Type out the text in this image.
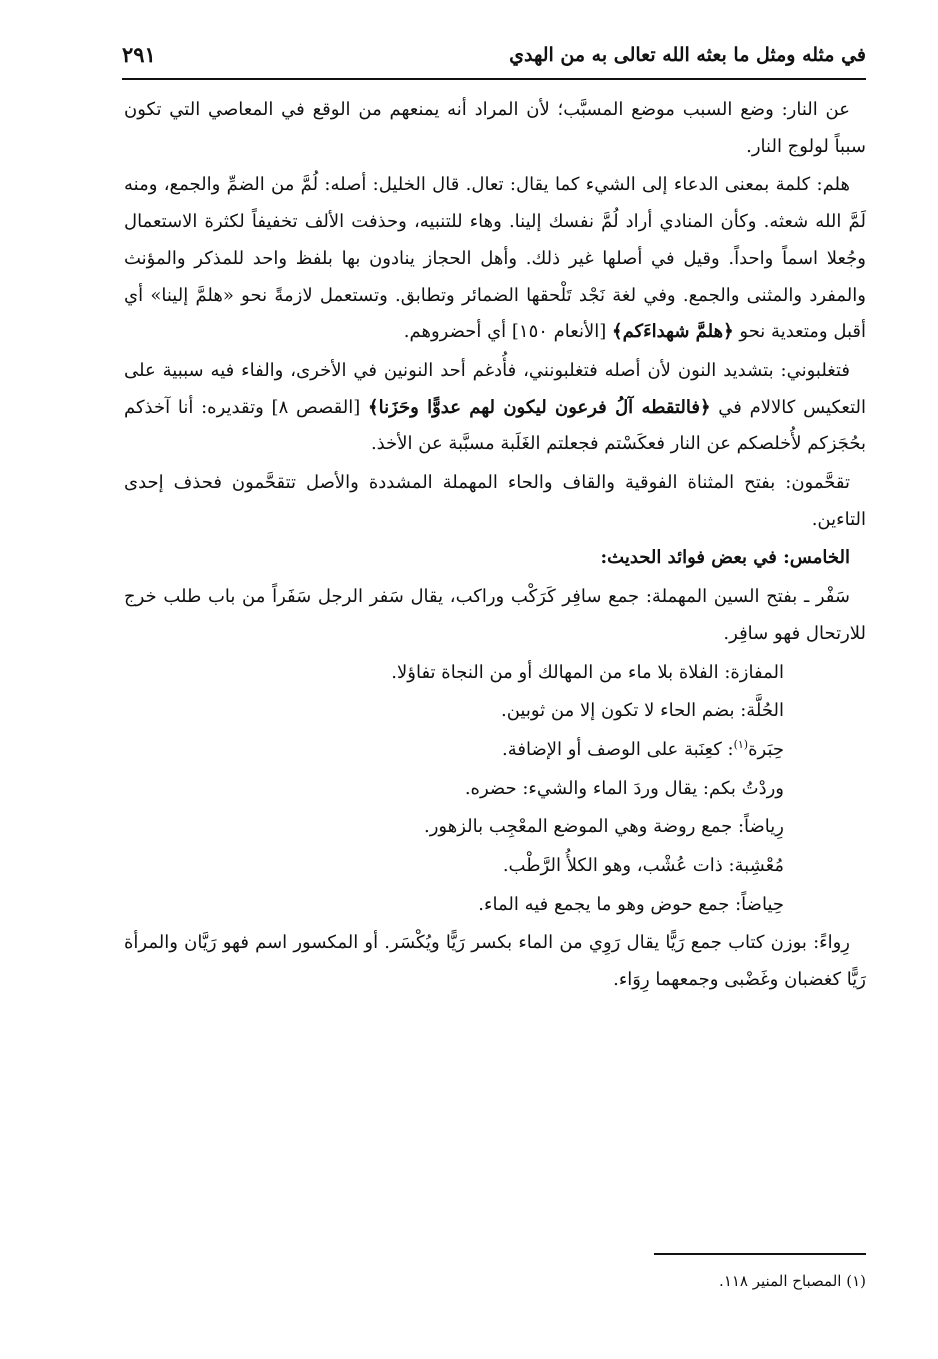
في مثله ومثل ما بعثه الله تعالى به من الهدي
٢٩١

عن النار: وضع السبب موضع المسبَّب؛ لأن المراد أنه يمنعهم من الوقع في المعاصي التي تكون سبباً لولوج النار.

هلم: كلمة بمعنى الدعاء إلى الشيء كما يقال: تعال. قال الخليل: أصله: لُمَّ من الضمِّ والجمع، ومنه لَمَّ الله شعثه. وكأن المنادي أراد لُمَّ نفسك إلينا. وهاء للتنبيه، وحذفت الألف تخفيفاً لكثرة الاستعمال وجُعلا اسماً واحداً. وقيل في أصلها غير ذلك. وأهل الحجاز ينادون بها بلفظ واحد للمذكر والمؤنث والمفرد والمثنى والجمع. وفي لغة نَجْد تَلْحقها الضمائر وتطابق. وتستعمل لازمةً نحو «هلمَّ إلينا» أي أقبل ومتعدية نحو ﴿هلمَّ شهداءَكم﴾ [الأنعام ١٥٠] أي أحضروهم.

فتغلبوني: بتشديد النون لأن أصله فتغلبونني، فأُدغم أحد النونين في الأخرى، والفاء فيه سببية على التعكيس كالالام في ﴿فالتقطه آلُ فرعون ليكون لهم عدوًّا وحَزَنا﴾ [القصص ٨] وتقديره: أنا آخذكم بحُجَزكم لأُخلصكم عن النار فعكَسْتم فجعلتم الغَلَبة مسبَّبة عن الأخذ.

تقحَّمون: بفتح المثناة الفوقية والقاف والحاء المهملة المشددة والأصل تتقحَّمون فحذف إحدى التاءين.

الخامس: في بعض فوائد الحديث:

سَفْر ـ بفتح السين المهملة: جمع سافِر كَرَكْب وراكب، يقال سَفر الرجل سَفَراً من باب طلب خرج للارتحال فهو سافِر.

المفازة: الفلاة بلا ماء من المهالك أو من النجاة تفاؤلا.

الحُلَّة: بضم الحاء لا تكون إلا من ثوبين.

حِبَرة$^{(١)}$: كعِنَبة على الوصف أو الإضافة.

وردْتُ بكم: يقال وردَ الماء والشيء: حضره.

رِياضاً: جمع روضة وهي الموضع المعْجِب بالزهور.

مُعْشِبة: ذات عُشْب، وهو الكلأُ الرَّطْب.

حِياضاً: جمع حوض وهو ما يجمع فيه الماء.

رِواءً: بوزن كتاب جمع رَيًّا يقال رَوِي من الماء بكسر رَيًّا ويُكْسَر. أو المكسور اسم فهو رَيَّان والمرأة رَيًّا كغضبان وغَضْبى وجمعهما رِوَاء.

(١) المصباح المنير ١١٨.
